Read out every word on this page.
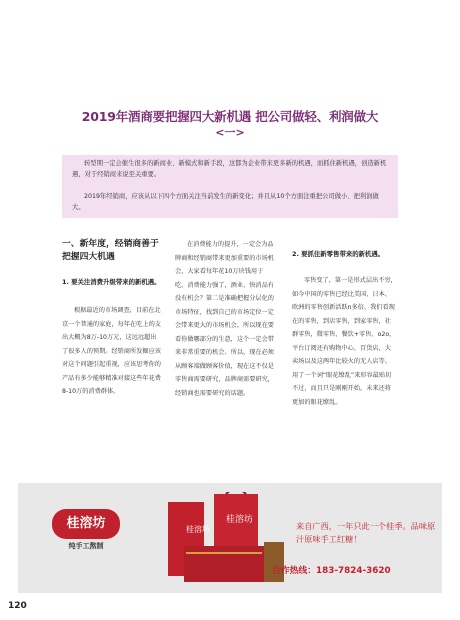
2019年酒商要把握四大新机遇 把公司做轻、利润做大
<一>

转型期一定会催生很多的新商业、新模式和新手段，这都为企业带来更多新的机遇，而抓住新机遇，创造新机遇，对于经销商来说至关重要。

2019年经销商，应该从以下四个方面关注当前发生的新变化；并且从10个方面注重把公司做小、把利润做大。

一、新年度，经销商善于把握四大机遇

1. 要关注消费升级带来的新机遇。

根据最近的市场调查，目前在北京一个普通的家庭，每年在吃上的支出大概为8万-10万元，这远远超出了很多人的预期。经销商所发掘应该对这个问题引起重视，应该思考你的产品有多少能够精准对接这些年花费8-10万的消费群体。

在消费能力的提升，一定会为品牌商和经销商带来更加重要的市场机会，大家看每年花10万块钱用于吃，消费能力强了，酒业、快消品有没有机会？第二是准确把握分层化的市场特征，找到自己的市场定位一定会带来更大的市场机会，所以现在要看你做哪部分的生意，这个一定会带来非常重要的机会。所以，现在必须从顾客端做顾客价值，现在这不仅是零售商需要研究，品牌商需要研究，经销商也需要研究的话题。

2. 要抓住新零售带来的新机遇。

零售变了，第一是形式层出不穷，如今中国的零售已经比美国、日本、欧洲的零售创新活跃n多倍，我们看现在的零售，到店零售，到家零售，社群零售，微零售、餐饮+零售、o2o，平台订阅还有购物中心，百货店，大卖场以及这两年比较火的无人店等。用了一个词“眼花缭乱”来形容最贴切不过，而且只是刚刚开始，未来还将更加的眼花缭乱。

桂溶坊
纯手工熬制
桂溶坊
桂溶坊
来自广西，一年只此一个桂季。品味原汁原味手工红糖！
合作热线：183-7824-3620
120
